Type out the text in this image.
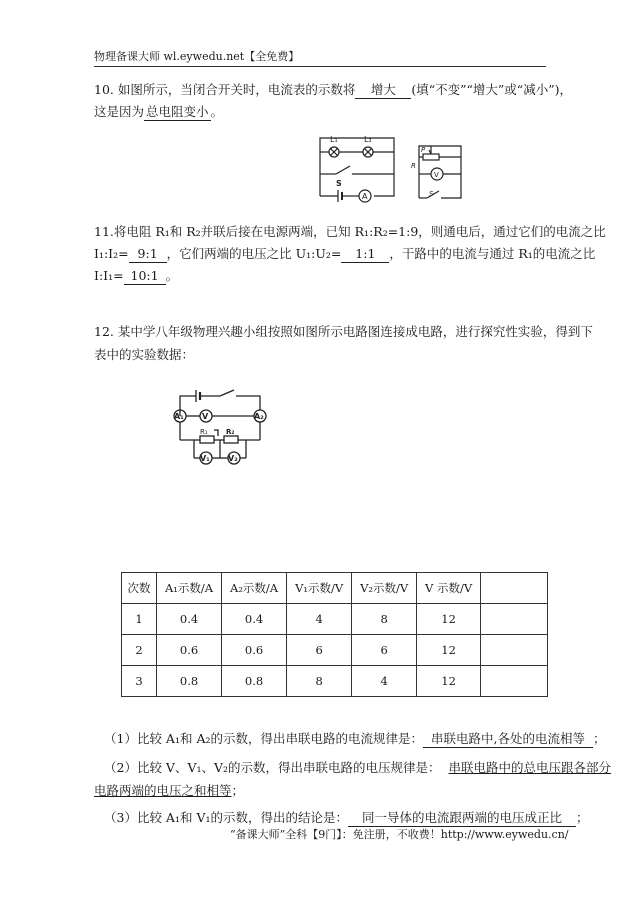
物理备课大师 wl.eywedu.net【全免费】
10. 如图所示，当闭合开关时，电流表的示数将 增大 (填“不变”“增大”或“减小”)，
这是因为 总电阻变小 。
L₁	L₂
S
A
P
R
V
S
11.将电阻 R₁和 R₂并联后接在电源两端，已知 R₁:R₂=1:9，则通电后，通过它们的电流之比
I₁:I₂= 9:1 ，它们两端的电压之比 U₁:U₂= 1:1 ，干路中的电流与通过 R₁的电流之比
I:I₁= 10:1 。
12. 某中学八年级物理兴趣小组按照如图所示电路图连接成电路，进行探究性实验，得到下
表中的实验数据：
A₁ V	A₂
R₁	R₂
V₁ V₂
次数	A₁示数/A	A₂示数/A	V₁示数/V	V₂示数/V	V 示数/V	
1	0.4	0.4	4	8	12	
2	0.6	0.6	6	6	12	
3	0.8	0.8	8	4	12	
（1）比较 A₁和 A₂的示数，得出串联电路的电流规律是： 串联电路中,各处的电流相等 ；
（2）比较 V、V₁、V₂的示数，得出串联电路的电压规律是： 串联电路中的总电压跟各部分
电路两端的电压之和相等；
（3）比较 A₁和 V₁的示数，得出的结论是： 同一导体的电流跟两端的电压成正比 ；
“备课大师”全科【9门】：免注册，不收费！http://www.eywedu.cn/
